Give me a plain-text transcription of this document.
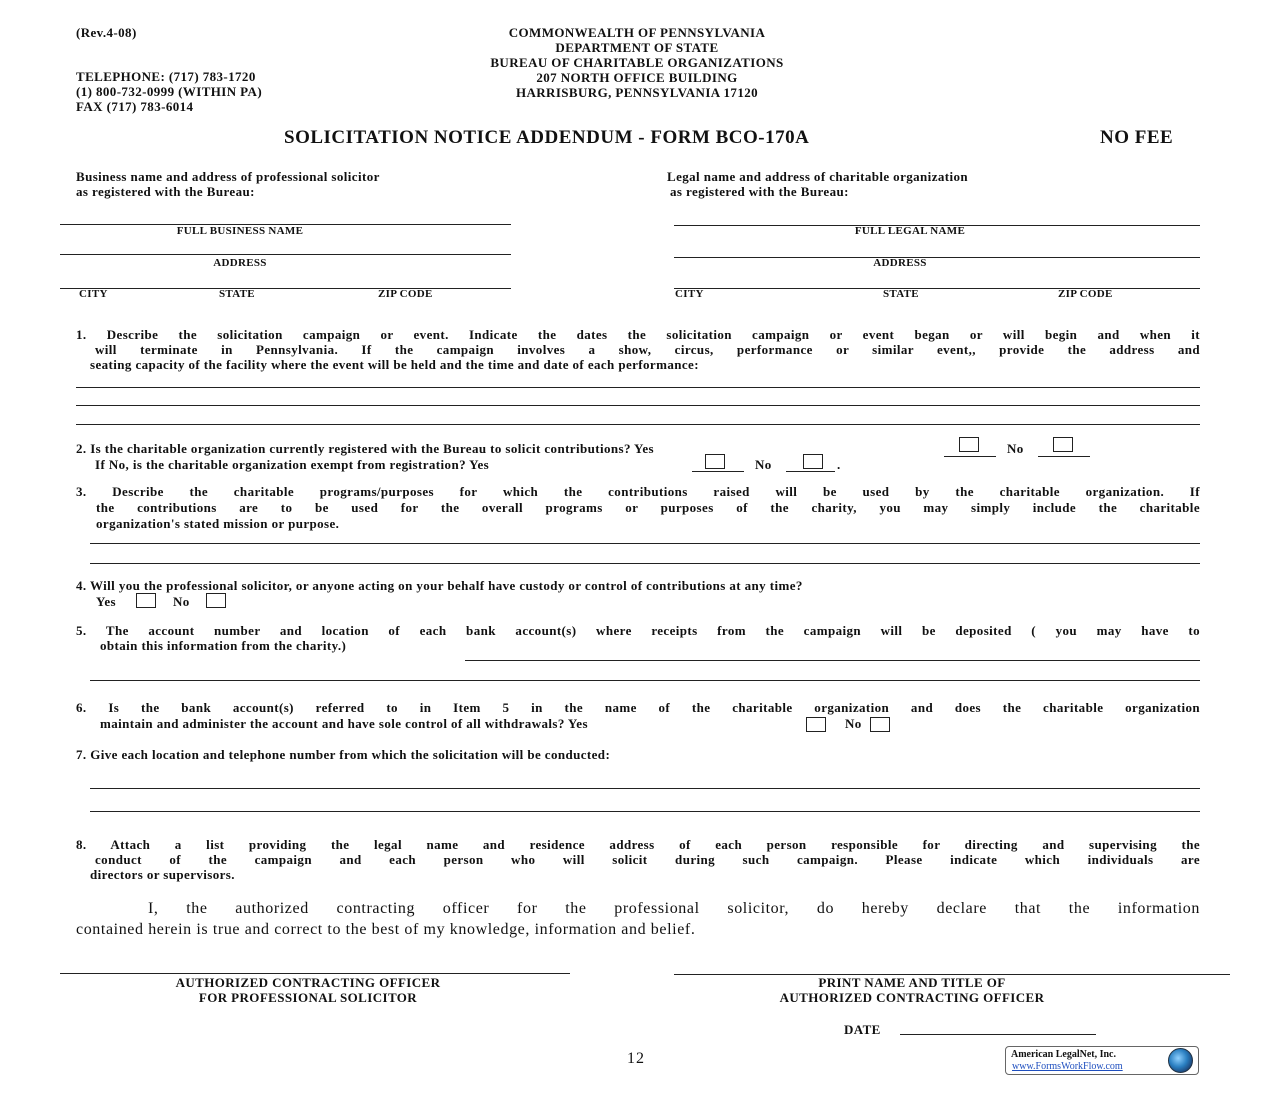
(Rev.4-08)
TELEPHONE: (717) 783-1720
(1) 800-732-0999 (WITHIN PA)
FAX (717) 783-6014
COMMONWEALTH OF PENNSYLVANIA
DEPARTMENT OF STATE
BUREAU OF CHARITABLE ORGANIZATIONS
207 NORTH OFFICE BUILDING
HARRISBURG, PENNSYLVANIA 17120
SOLICITATION NOTICE ADDENDUM - FORM BCO-170A	NO FEE
Business name and address of professional solicitor
as registered with the Bureau:
FULL BUSINESS NAME
ADDRESS
CITY	STATE	ZIP CODE
Legal name and address of charitable organization
as registered with the Bureau:
FULL LEGAL NAME
ADDRESS
CITY	STATE	ZIP CODE
1. Describe the solicitation campaign or event. Indicate the dates the solicitation campaign or event began or will begin and when it
will terminate in Pennsylvania. If the campaign involves a show, circus, performance or similar event,, provide the address and
seating capacity of the facility where the event will be held and the time and date of each performance:
2. Is the charitable organization currently registered with the Bureau to solicit contributions? Yes	No
If No, is the charitable organization exempt from registration? Yes	No	.
3. Describe the charitable programs/purposes for which the contributions raised will be used by the charitable organization. If
the contributions are to be used for the overall programs or purposes of the charity, you may simply include the charitable
organization's stated mission or purpose.
4. Will you the professional solicitor, or anyone acting on your behalf have custody or control of contributions at any time?
Yes	No
5. The account number and location of each bank account(s) where receipts from the campaign will be deposited ( you may have to
obtain this information from the charity.)
6. Is the bank account(s) referred to in Item 5 in the name of the charitable organization and does the charitable organization
maintain and administer the account and have sole control of all withdrawals? Yes	No
7. Give each location and telephone number from which the solicitation will be conducted:
8. Attach a list providing the legal name and residence address of each person responsible for directing and supervising the
conduct of the campaign and each person who will solicit during such campaign. Please indicate which individuals are
directors or supervisors.
I, the authorized contracting officer for the professional solicitor, do hereby declare that the information
contained herein is true and correct to the best of my knowledge, information and belief.
AUTHORIZED CONTRACTING OFFICER
FOR PROFESSIONAL SOLICITOR
PRINT NAME AND TITLE OF
AUTHORIZED CONTRACTING OFFICER
DATE
12	American LegalNet, Inc.
www.FormsWorkFlow.com
